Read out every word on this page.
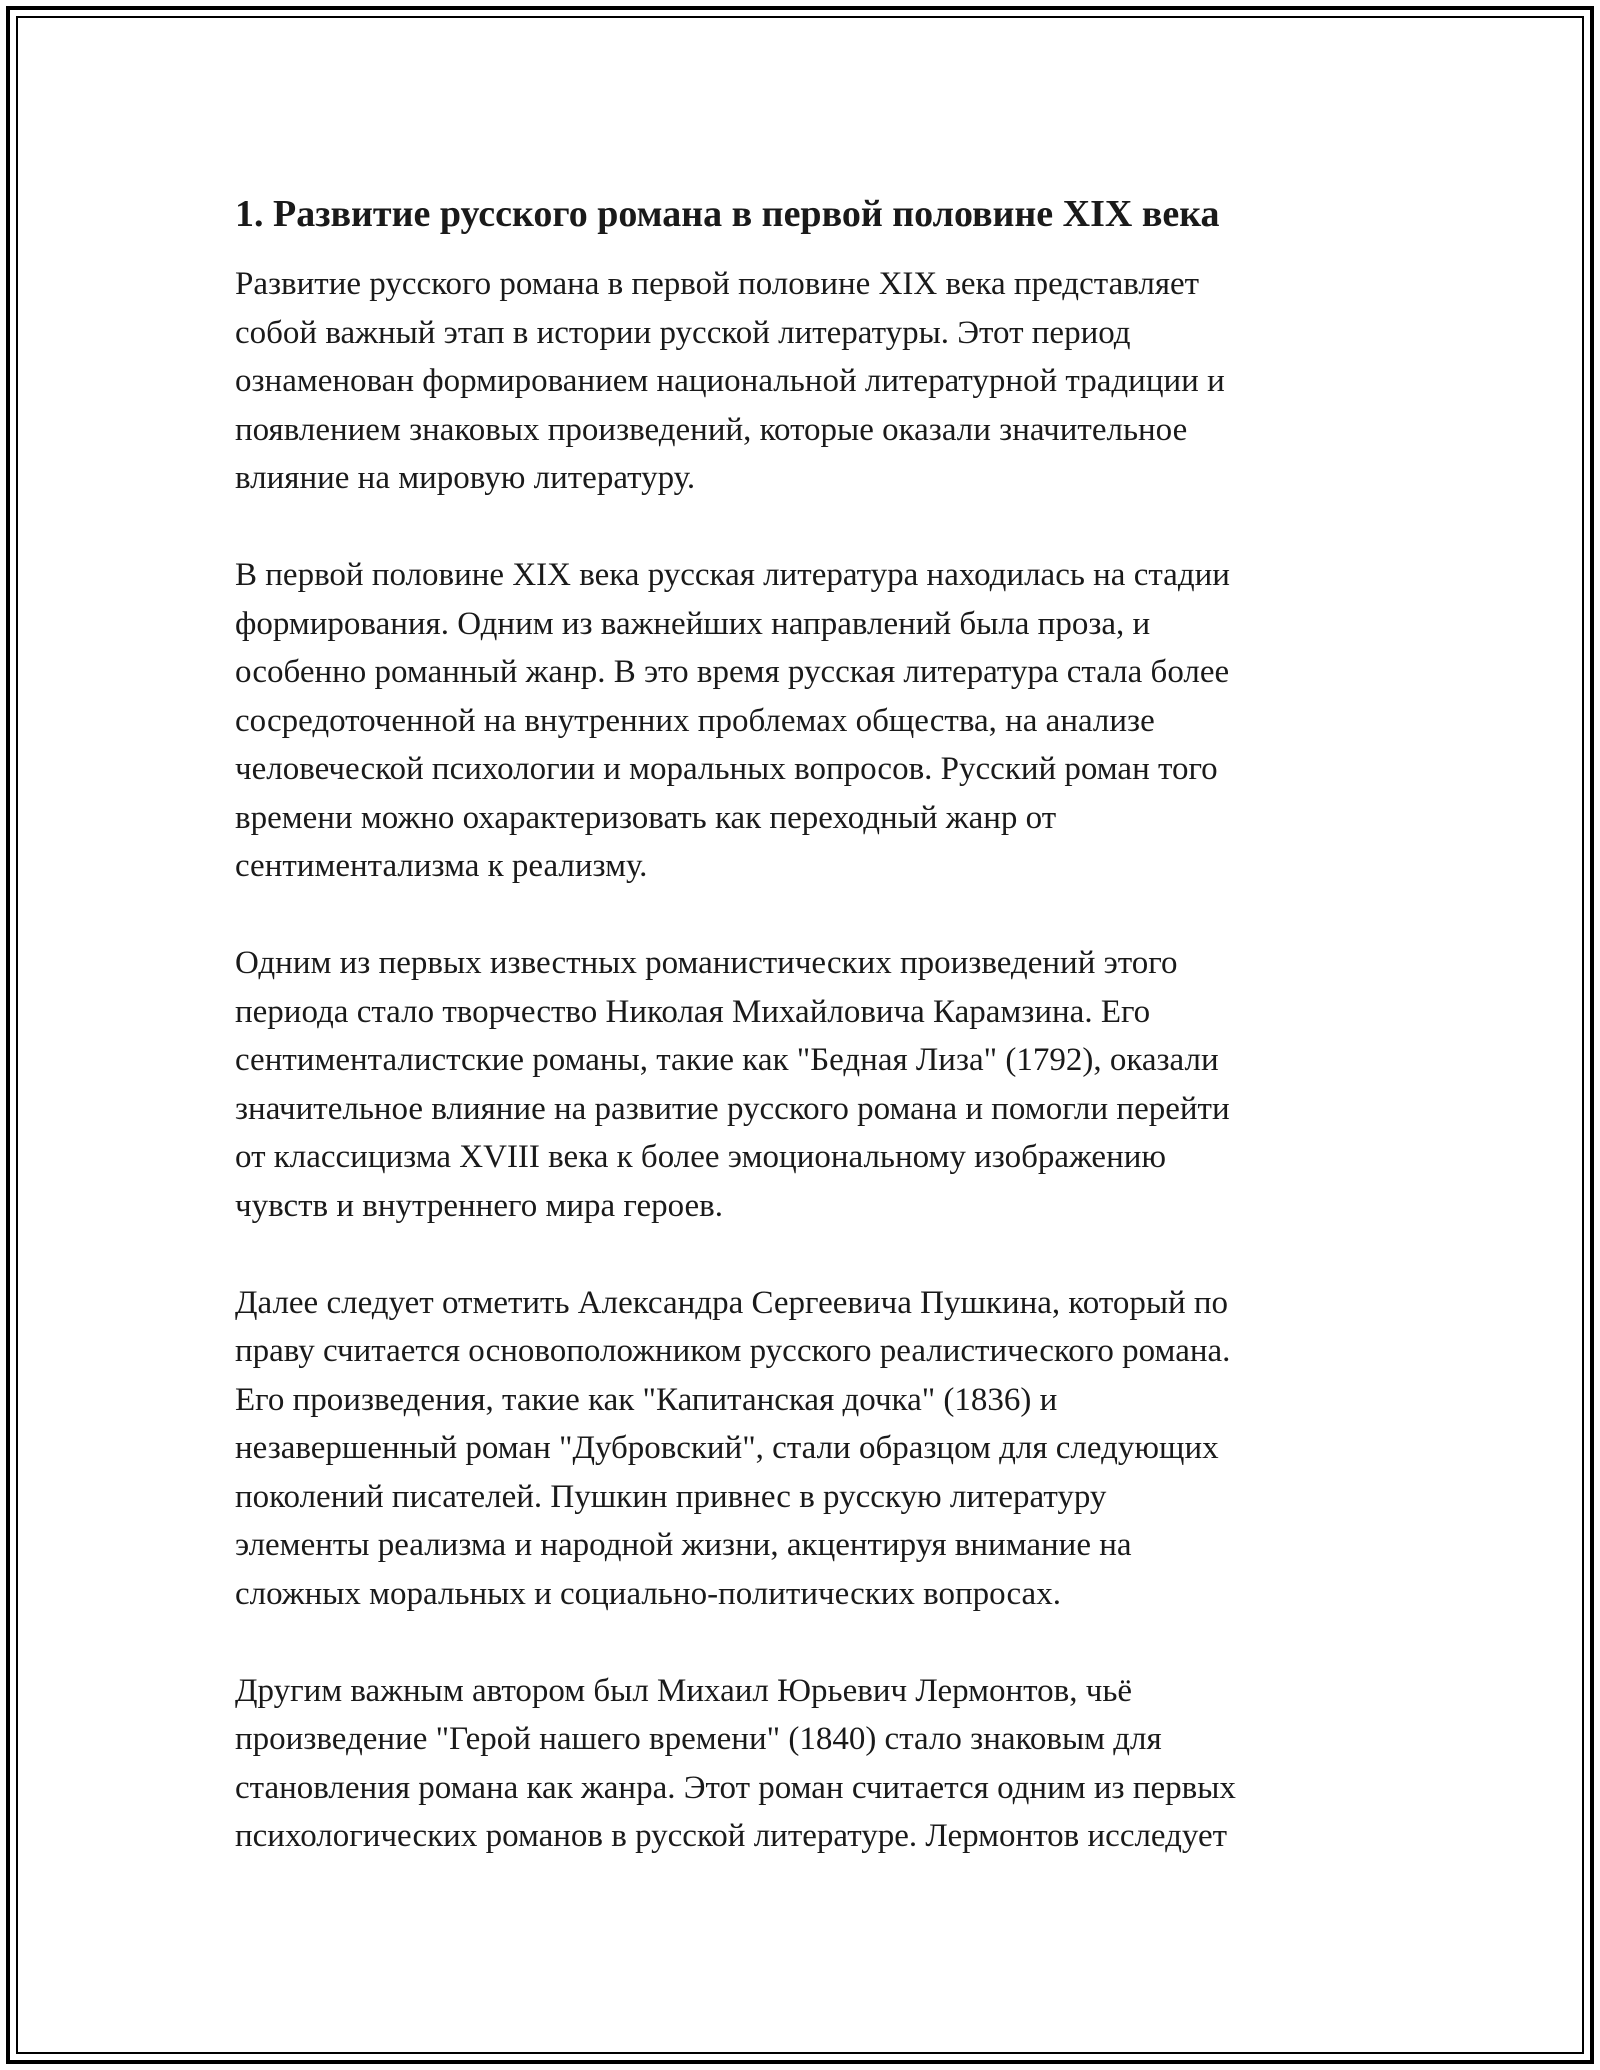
1. Развитие русского романа в первой половине XIX века

Развитие русского романа в первой половине XIX века представляет
собой важный этап в истории русской литературы. Этот период
ознаменован формированием национальной литературной традиции и
появлением знаковых произведений, которые оказали значительное
влияние на мировую литературу.

В первой половине XIX века русская литература находилась на стадии
формирования. Одним из важнейших направлений была проза, и
особенно романный жанр. В это время русская литература стала более
сосредоточенной на внутренних проблемах общества, на анализе
человеческой психологии и моральных вопросов. Русский роман того
времени можно охарактеризовать как переходный жанр от
сентиментализма к реализму.

Одним из первых известных романистических произведений этого
периода стало творчество Николая Михайловича Карамзина. Его
сентименталистские романы, такие как "Бедная Лиза" (1792), оказали
значительное влияние на развитие русского романа и помогли перейти
от классицизма XVIII века к более эмоциональному изображению
чувств и внутреннего мира героев.

Далее следует отметить Александра Сергеевича Пушкина, который по
праву считается основоположником русского реалистического романа.
Его произведения, такие как "Капитанская дочка" (1836) и
незавершенный роман "Дубровский", стали образцом для следующих
поколений писателей. Пушкин привнес в русскую литературу
элементы реализма и народной жизни, акцентируя внимание на
сложных моральных и социально-политических вопросах.

Другим важным автором был Михаил Юрьевич Лермонтов, чьё
произведение "Герой нашего времени" (1840) стало знаковым для
становления романа как жанра. Этот роман считается одним из первых
психологических романов в русской литературе. Лермонтов исследует
